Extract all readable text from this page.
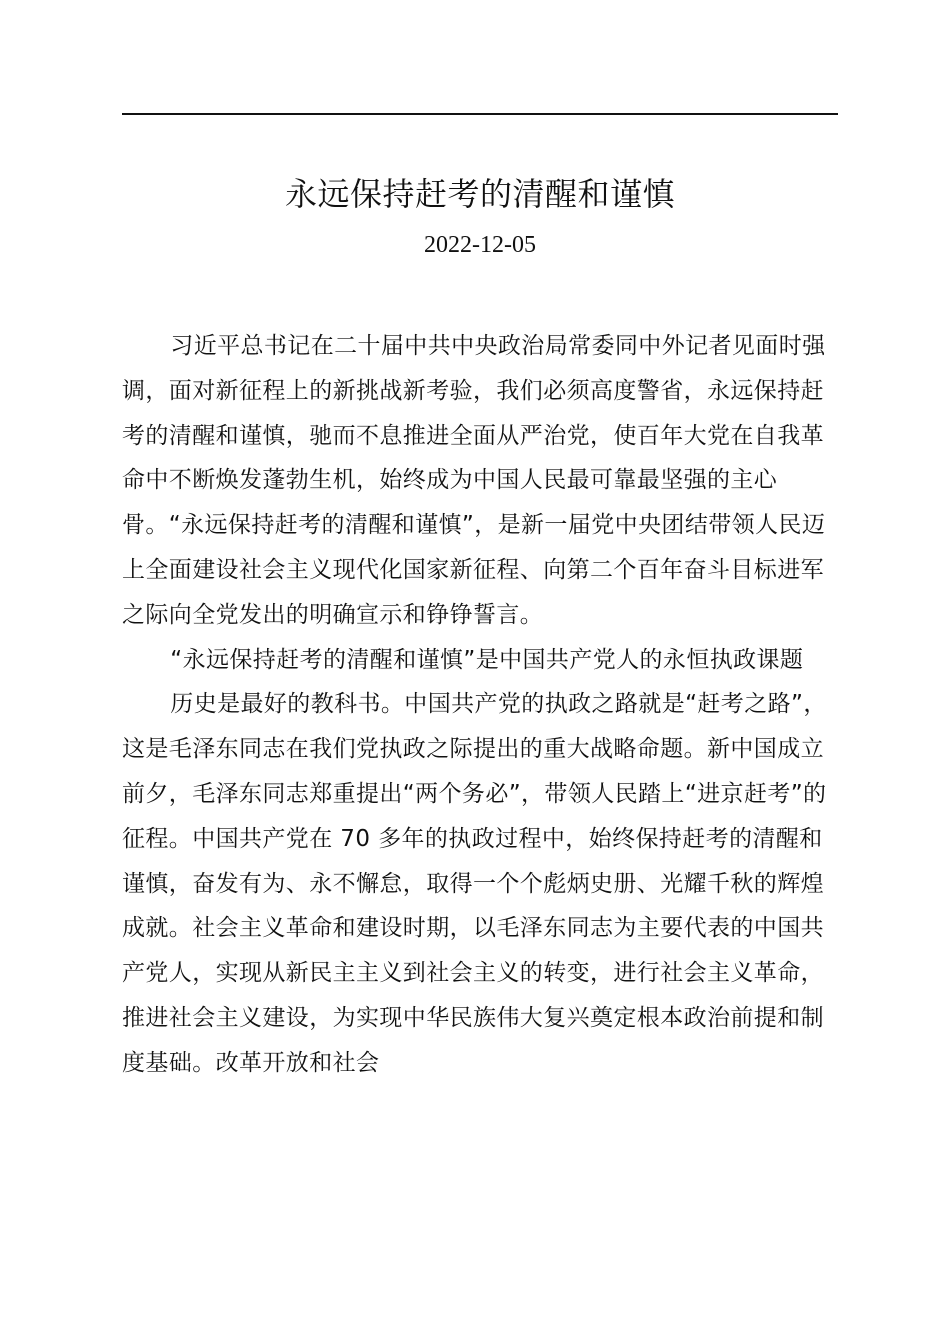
永远保持赶考的清醒和谨慎
2022-12-05

习近平总书记在二十届中共中央政治局常委同中外记者见面时强调，面对新征程上的新挑战新考验，我们必须高度警省，永远保持赶考的清醒和谨慎，驰而不息推进全面从严治党，使百年大党在自我革命中不断焕发蓬勃生机，始终成为中国人民最可靠最坚强的主心骨。“永远保持赶考的清醒和谨慎”，是新一届党中央团结带领人民迈上全面建设社会主义现代化国家新征程、向第二个百年奋斗目标进军之际向全党发出的明确宣示和铮铮誓言。

“永远保持赶考的清醒和谨慎”是中国共产党人的永恒执政课题

历史是最好的教科书。中国共产党的执政之路就是“赶考之路”，这是毛泽东同志在我们党执政之际提出的重大战略命题。新中国成立前夕，毛泽东同志郑重提出“两个务必”，带领人民踏上“进京赶考”的征程。中国共产党在 70 多年的执政过程中，始终保持赶考的清醒和谨慎，奋发有为、永不懈怠，取得一个个彪炳史册、光耀千秋的辉煌成就。社会主义革命和建设时期，以毛泽东同志为主要代表的中国共产党人，实现从新民主主义到社会主义的转变，进行社会主义革命，推进社会主义建设，为实现中华民族伟大复兴奠定根本政治前提和制度基础。改革开放和社会
